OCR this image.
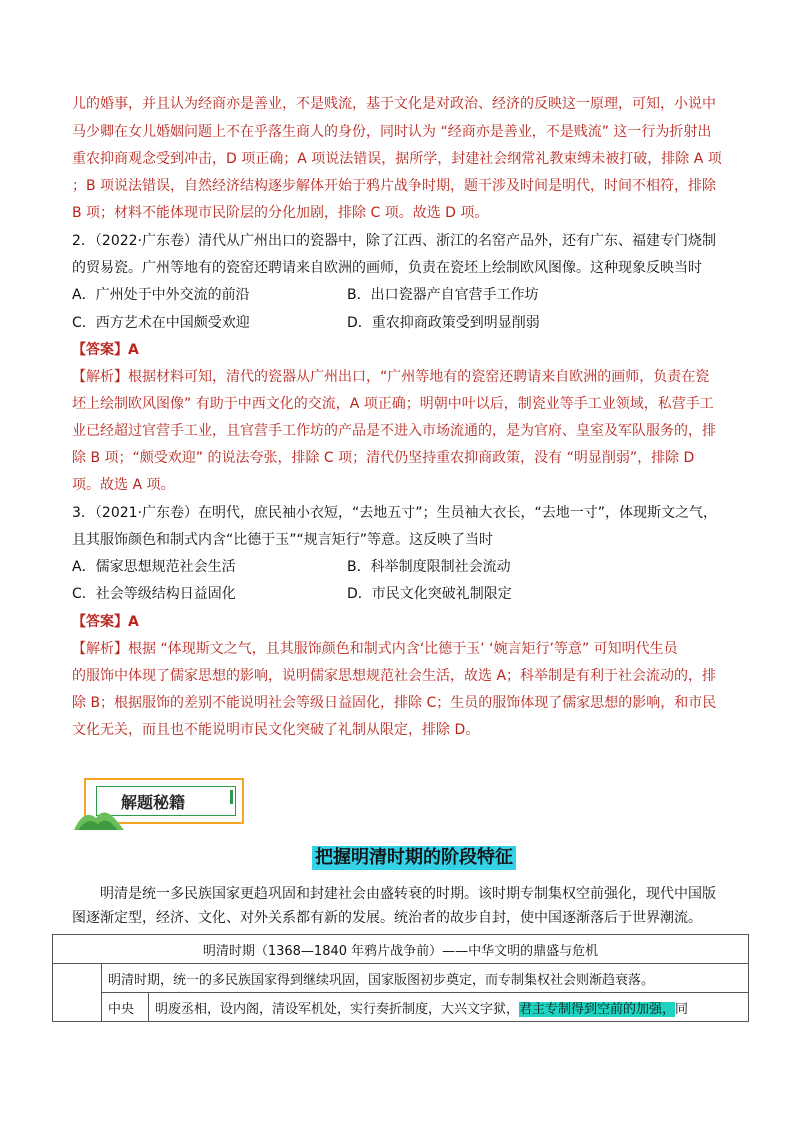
儿的婚事，并且认为经商亦是善业，不是贱流，基于文化是对政治、经济的反映这一原理，可知，小说中
马少卿在女儿婚姻问题上不在乎落生商人的身份，同时认为 “经商亦是善业，不是贱流” 这一行为折射出
重农抑商观念受到冲击，D 项正确；A 项说法错误，据所学，封建社会纲常礼教束缚未被打破，排除 A 项
；B 项说法错误，自然经济结构逐步解体开始于鸦片战争时期，题干涉及时间是明代，时间不相符，排除
B 项；材料不能体现市民阶层的分化加剧，排除 C 项。故选 D 项。
2．（2022·广东卷）清代从广州出口的瓷器中，除了江西、浙江的名窑产品外，还有广东、福建专门烧制
的贸易瓷。广州等地有的瓷窑还聘请来自欧洲的画师，负责在瓷坯上绘制欧风图像。这种现象反映当时
A．广州处于中外交流的前沿	B．出口瓷器产自官营手工作坊
C．西方艺术在中国颇受欢迎	D．重农抑商政策受到明显削弱
【答案】A
【解析】根据材料可知，清代的瓷器从广州出口，“广州等地有的瓷窑还聘请来自欧洲的画师，负责在瓷
坯上绘制欧风图像” 有助于中西文化的交流，A 项正确；明朝中叶以后，制瓷业等手工业领域，私营手工
业已经超过官营手工业，且官营手工作坊的产品是不进入市场流通的，是为官府、皇室及军队服务的，排
除 B 项；“颇受欢迎” 的说法夸张，排除 C 项；清代仍坚持重农抑商政策，没有 “明显削弱”，排除 D
项。故选 A 项。
3．（2021·广东卷）在明代，庶民袖小衣短，“去地五寸”；生员袖大衣长，“去地一寸”，体现斯文之气，
且其服饰颜色和制式内含“比德于玉”“规言矩行”等意。这反映了当时
A．儒家思想规范社会生活	B．科举制度限制社会流动
C．社会等级结构日益固化	D．市民文化突破礼制限定
【答案】A
【解析】根据 “体现斯文之气，且其服饰颜色和制式内含‘比德于玉’ ‘婉言矩行’等意” 可知明代生员
的服饰中体现了儒家思想的影响，说明儒家思想规范社会生活，故选 A；科举制是有利于社会流动的，排
除 B；根据服饰的差别不能说明社会等级日益固化，排除 C；生员的服饰体现了儒家思想的影响，和市民
文化无关，而且也不能说明市民文化突破了礼制从限定，排除 D。
解题秘籍
把握明清时期的阶段特征
明清是统一多民族国家更趋巩固和封建社会由盛转衰的时期。该时期专制集权空前强化，现代中国版
图逐渐定型，经济、文化、对外关系都有新的发展。统治者的故步自封，使中国逐渐落后于世界潮流。
明清时期（1368—1840 年鸦片战争前）——中华文明的鼎盛与危机		
	明清时期，统一的多民族国家得到继续巩固，国家版图初步奠定，而专制集权社会则渐趋衰落。	
	中央	明废丞相，设内阁，清设军机处，实行奏折制度，大兴文字狱，君主专制得到空前的加强，同
